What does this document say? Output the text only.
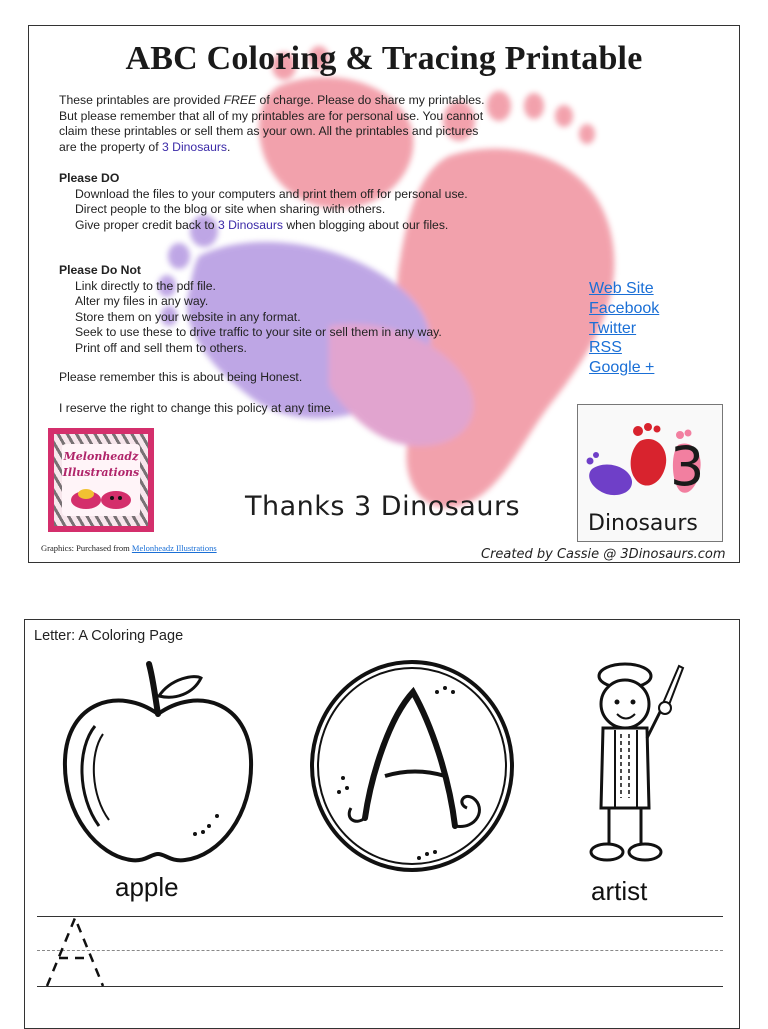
ABC Coloring & Tracing Printable
These printables are provided FREE of charge. Please do share my printables. But please remember that all of my printables are for personal use. You cannot claim these printables or sell them as your own. All the printables and pictures are the property of 3 Dinosaurs.
Please DO
Download the files to your computers and print them off for personal use.
Direct people to the blog or site when sharing with others.
Give proper credit back to 3 Dinosaurs when blogging about our files.
Please Do Not
Link directly to the pdf file.
Alter my files in any way.
Store them on your website in any format.
Seek to use these to drive traffic to your site or sell them in any way.
Print off and sell them to others.
Please remember this is about being Honest.
I reserve the right to change this policy at any time.
Web Site
Facebook
Twitter
RSS
Google +
Melonheadz
Illustrations
Thanks 3 Dinosaurs
3
Dinosaurs
Graphics: Purchased from Melonheadz Illustrations	Created by Cassie @ 3Dinosaurs.com
Letter: A Coloring Page
apple	artist
